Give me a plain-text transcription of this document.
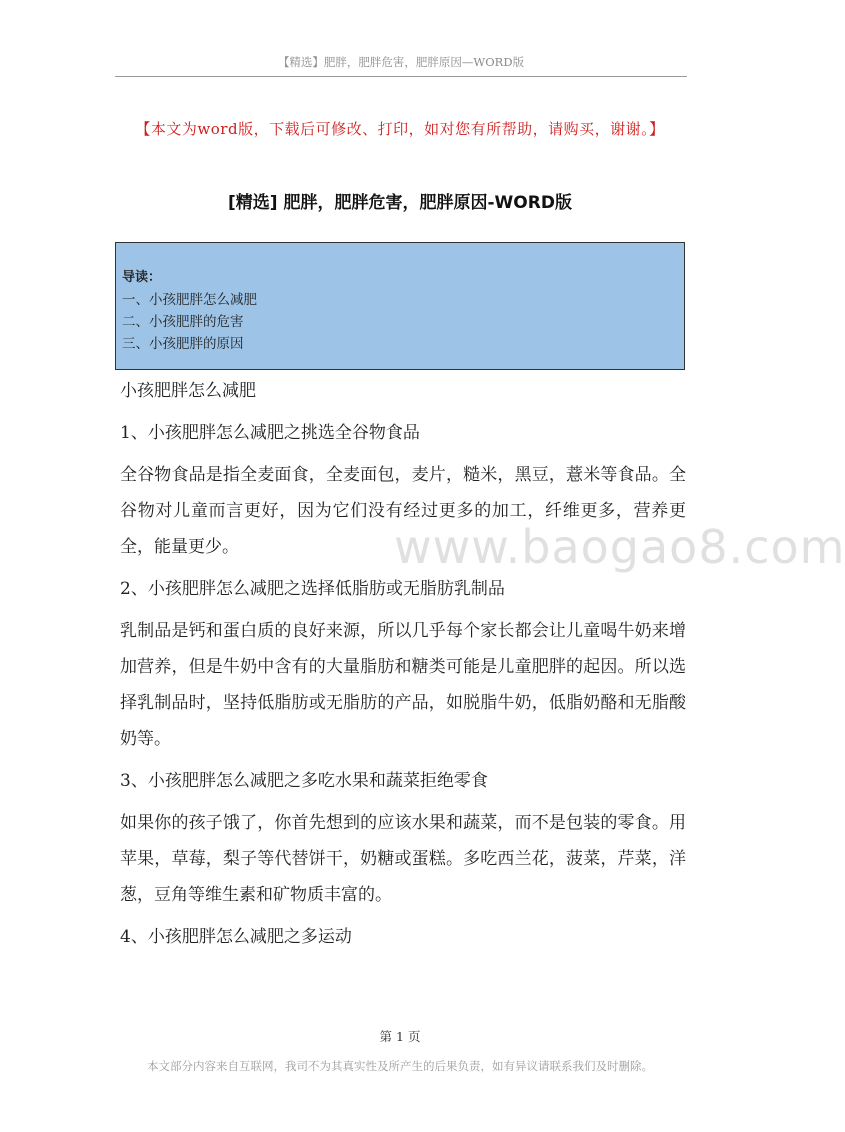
【精选】肥胖，肥胖危害，肥胖原因—WORD版
【本文为word版，下载后可修改、打印，如对您有所帮助，请购买，谢谢。】
[精选] 肥胖，肥胖危害，肥胖原因-WORD版
导读：
一、小孩肥胖怎么减肥
二、小孩肥胖的危害
三、小孩肥胖的原因

小孩肥胖怎么减肥

1、小孩肥胖怎么减肥之挑选全谷物食品

全谷物食品是指全麦面食，全麦面包，麦片，糙米，黑豆，薏米等食品。全谷物对儿童而言更好，因为它们没有经过更多的加工，纤维更多，营养更全，能量更少。

2、小孩肥胖怎么减肥之选择低脂肪或无脂肪乳制品

乳制品是钙和蛋白质的良好来源，所以几乎每个家长都会让儿童喝牛奶来增加营养，但是牛奶中含有的大量脂肪和糖类可能是儿童肥胖的起因。所以选择乳制品时，坚持低脂肪或无脂肪的产品，如脱脂牛奶，低脂奶酪和无脂酸奶等。

3、小孩肥胖怎么减肥之多吃水果和蔬菜拒绝零食

如果你的孩子饿了，你首先想到的应该水果和蔬菜，而不是包装的零食。用苹果，草莓，梨子等代替饼干，奶糖或蛋糕。多吃西兰花，菠菜，芹菜，洋葱，豆角等维生素和矿物质丰富的。

4、小孩肥胖怎么减肥之多运动

www.baogao8.com
第 1 页
本文部分内容来自互联网，我司不为其真实性及所产生的后果负责，如有异议请联系我们及时删除。
